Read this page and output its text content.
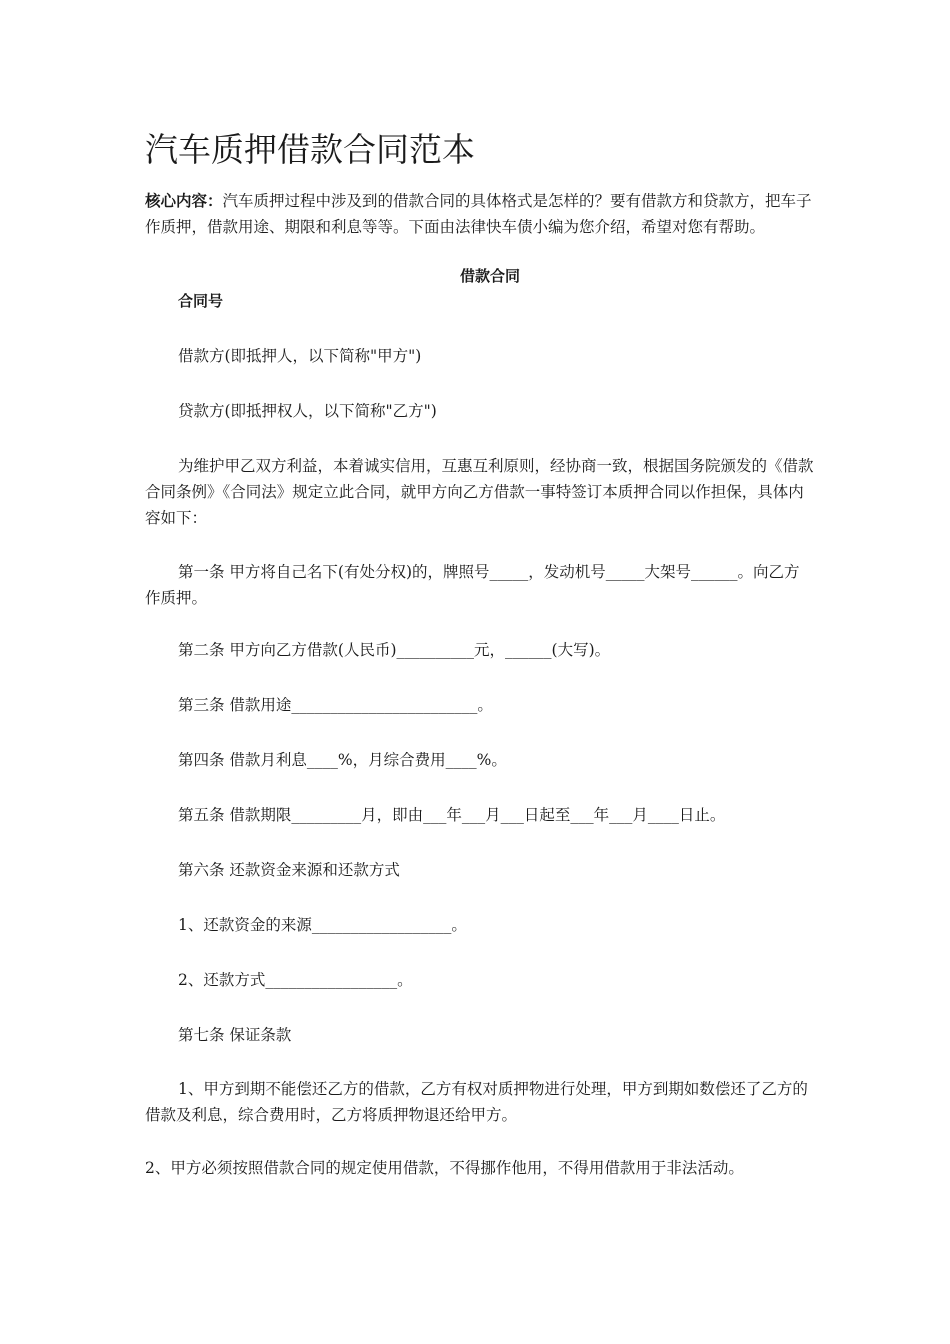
汽车质押借款合同范本

核心内容：汽车质押过程中涉及到的借款合同的具体格式是怎样的？要有借款方和贷款方，把车子作质押，借款用途、期限和利息等等。下面由法律快车债小编为您介绍，希望对您有帮助。

借款合同

合同号

借款方(即抵押人，以下简称"甲方")

贷款方(即抵押权人，以下简称"乙方")

为维护甲乙双方利益，本着诚实信用，互惠互利原则，经协商一致，根据国务院颁发的《借款合同条例》《合同法》规定立此合同，就甲方向乙方借款一事特签订本质押合同以作担保，具体内容如下：

第一条 甲方将自己名下(有处分权)的，牌照号_____，发动机号_____大架号______。向乙方作质押。

第二条 甲方向乙方借款(人民币)__________元，______(大写)。

第三条 借款用途________________________。

第四条 借款月利息____%，月综合费用____%。

第五条 借款期限_________月，即由___年___月___日起至___年___月____日止。

第六条 还款资金来源和还款方式

1、还款资金的来源__________________。

2、还款方式_________________。

第七条 保证条款

1、甲方到期不能偿还乙方的借款，乙方有权对质押物进行处理，甲方到期如数偿还了乙方的借款及利息，综合费用时，乙方将质押物退还给甲方。

2、甲方必须按照借款合同的规定使用借款，不得挪作他用，不得用借款用于非法活动。
